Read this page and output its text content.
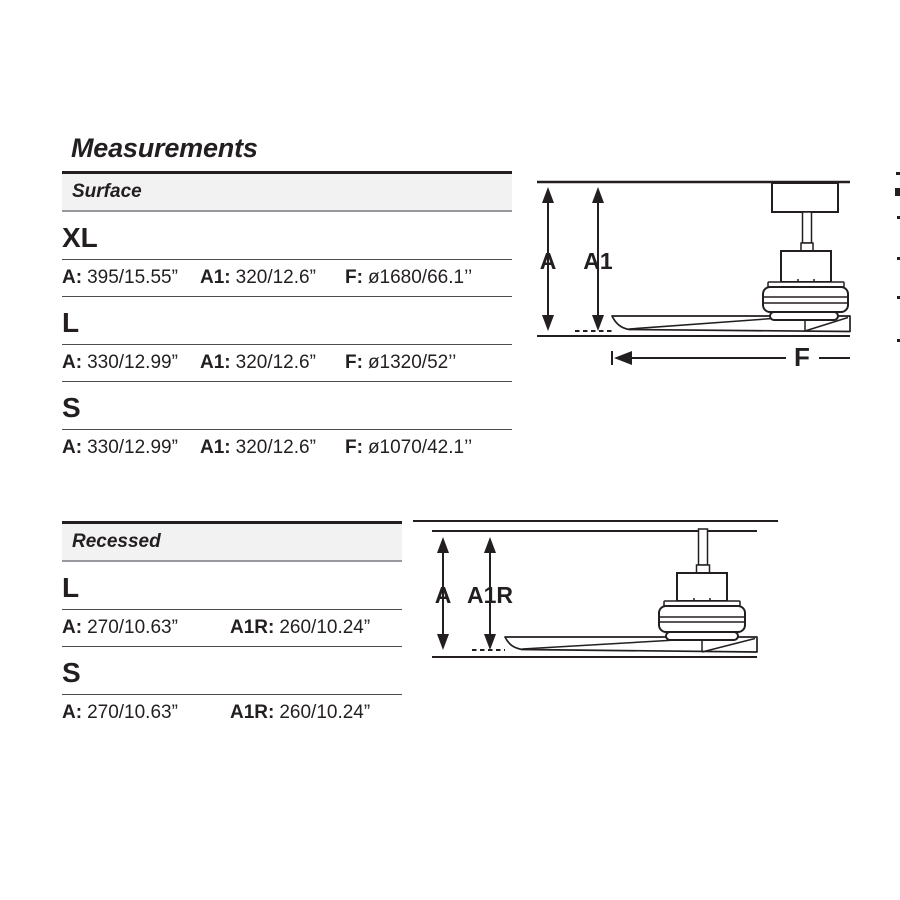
Measurements
Surface
XL
A: 395/15.55”	A1: 320/12.6”	F: ø1680/66.1’’
L
A: 330/12.99”	A1: 320/12.6”	F: ø1320/52’’
S
A: 330/12.99”	A1: 320/12.6”	F: ø1070/42.1’’
A A1
F
Recessed
L
A: 270/10.63”	A1R: 260/10.24”
S
A: 270/10.63”	A1R: 260/10.24”
A A1R
